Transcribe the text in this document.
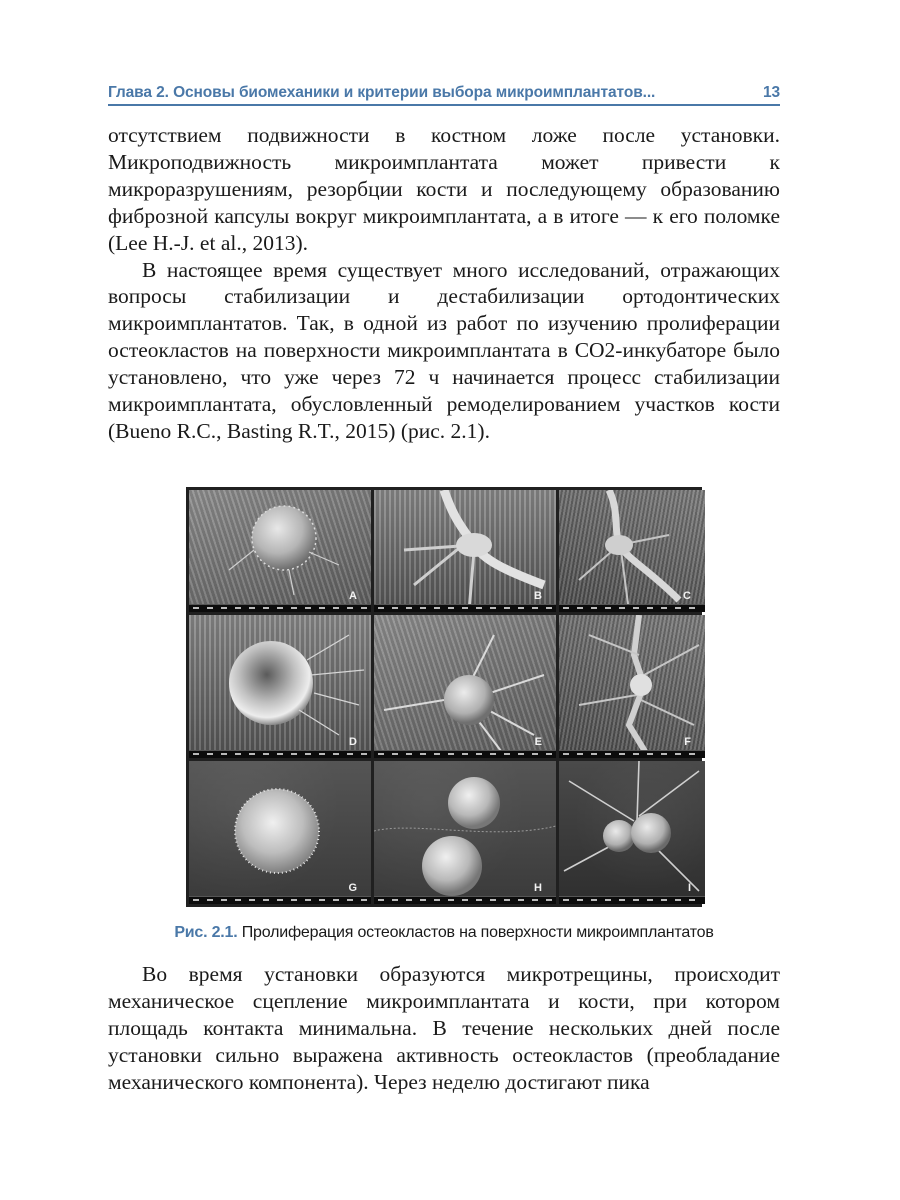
Глава 2. Основы биомеханики и критерии выбора микроимплантатов...	13

отсутствием подвижности в костном ложе после установки. Микроподвижность микроимплантата может привести к микроразрушениям, резорбции кости и последующему образованию фиброзной капсулы вокруг микроимплантата, а в итоге — к его поломке (Lee H.-J. et al., 2013).

В настоящее время существует много исследований, отражающих вопросы стабилизации и дестабилизации ортодонтических микроимплантатов. Так, в одной из работ по изучению пролиферации остеокластов на поверхности микроимплантата в CO2-инкубаторе было установлено, что уже через 72 ч начинается процесс стабилизации микроимплантата, обусловленный ремоделированием участков кости (Bueno R.C., Basting R.T., 2015) (рис. 2.1).

A	B	C
D	E	F
G	H	I
Рис. 2.1. Пролиферация остеокластов на поверхности микроимплантатов

Во время установки образуются микротрещины, происходит механическое сцепление микроимплантата и кости, при котором площадь контакта минимальна. В течение нескольких дней после установки сильно выражена активность остеокластов (преобладание механического компонента). Через неделю достигают пика
